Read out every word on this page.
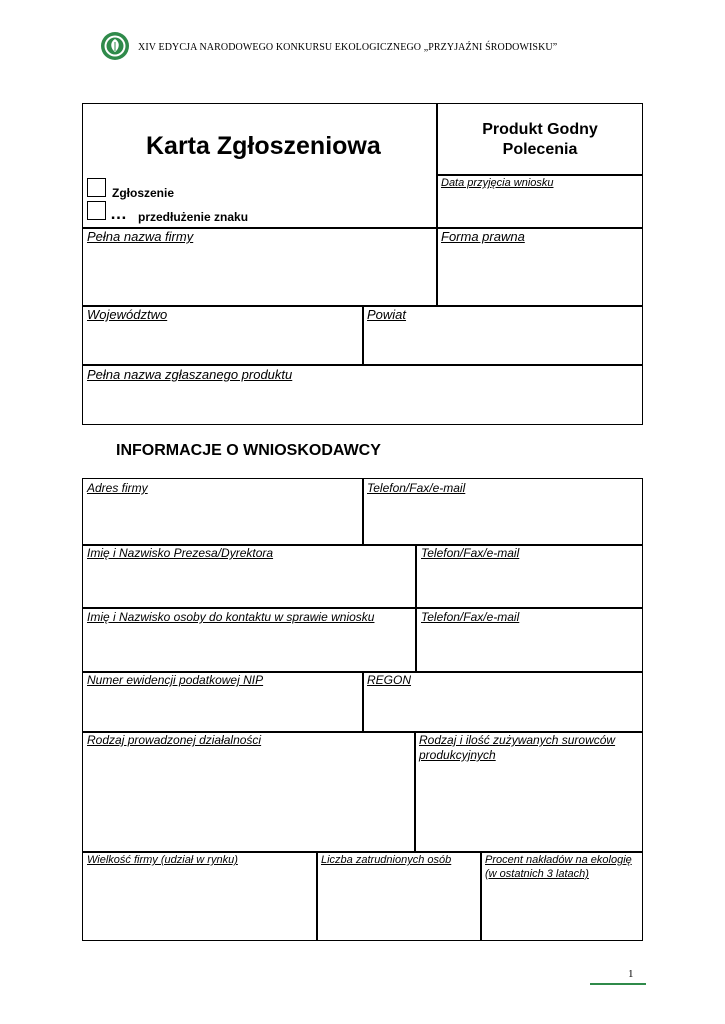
XIV EDYCJA NARODOWEGO KONKURSU EKOLOGICZNEGO „PRZYJAŹNI ŚRODOWISKU”
Karta Zgłoszeniowa
Produkt Godny
Polecenia
Zgłoszenie
… przedłużenie znaku
Data przyjęcia wniosku
Pełna nazwa firmy	Forma prawna
Województwo	Powiat
Pełna nazwa zgłaszanego produktu
INFORMACJE O WNIOSKODAWCY
Adres firmy	Telefon/Fax/e-mail
Imię i Nazwisko Prezesa/Dyrektora	Telefon/Fax/e-mail
Imię i Nazwisko osoby do kontaktu w sprawie wniosku	Telefon/Fax/e-mail
Numer ewidencji podatkowej NIP	REGON
Rodzaj prowadzonej działalności	Rodzaj i ilość zużywanych surowców produkcyjnych
Wielkość firmy (udział w rynku)	Liczba zatrudnionych osób	Procent nakładów na ekologię (w ostatnich 3 latach)
1
